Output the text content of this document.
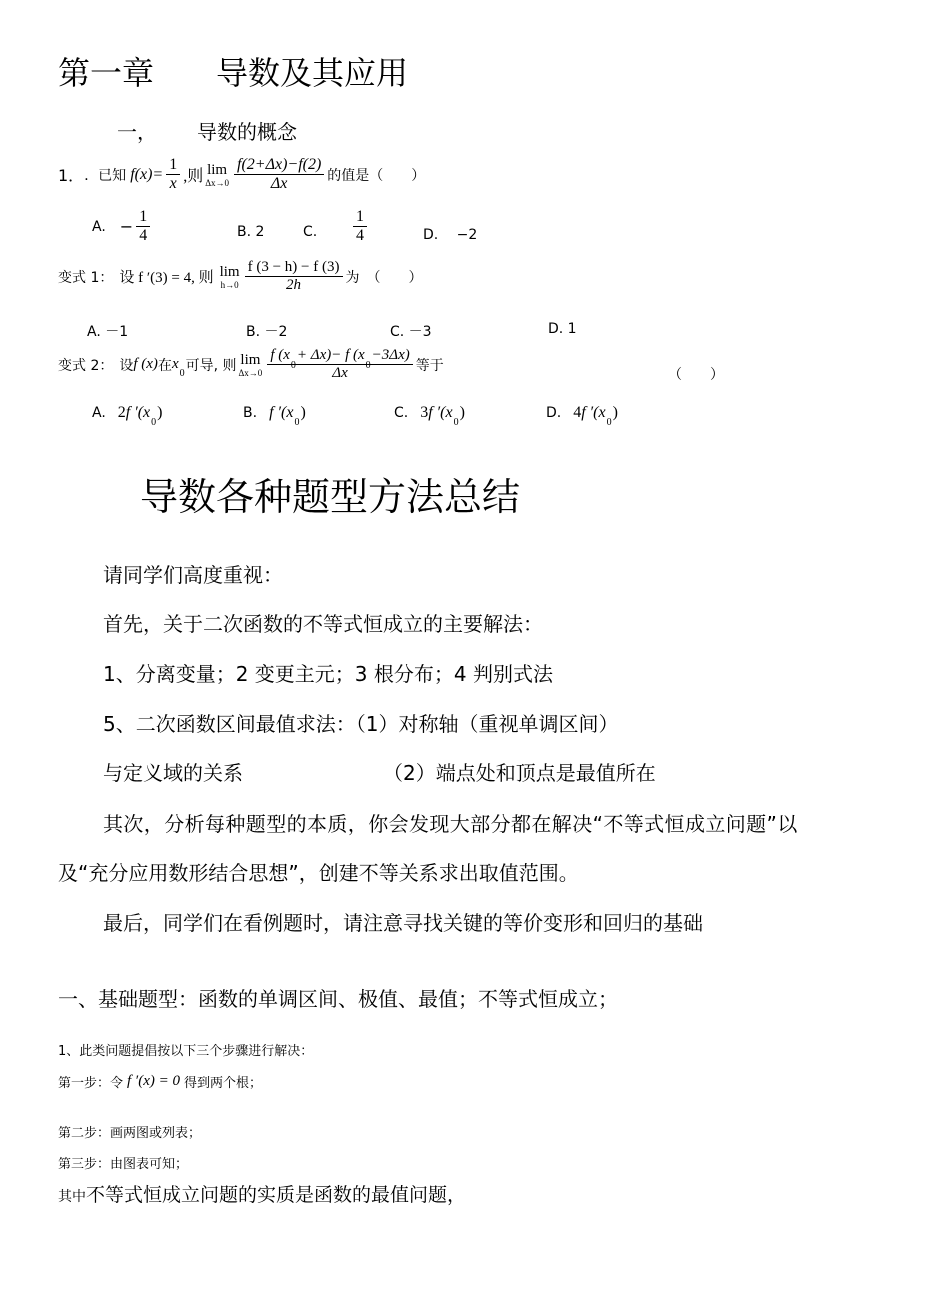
第一章 导数及其应用
一， 导数的概念
1． ．已知 $f(x)= \frac{1}{x}$ ,则 lim
$\Delta x\to 0 \frac{f(2+\Delta x)-f(2)}{\Delta x}$ 的值是（　　）
A. − $\frac{1}{4}$	B. 2	C. $\frac{1}{4}$	D.　 −2
变式 1： 设 f ′(3) = 4, 则 lim
$h\to 0 \frac{f (3 - h) - f (3)}{2h}$ 为　（　　）
A. －1	B. －2	C. －3	D. 1
变式 2： 设 f (x) 在 x
0 可导, 则 lim
$\Delta x\to 0 \frac{f (x_0+ \Delta x)- f (x_0-3\Delta x)}{\Delta x}$ 等于
（　　）
A. 2 f ′(x
0
)	B. f ′(x
0
)	C. 3 f ′(x
0
)	D. 4 f ′(x
0
)
导数各种题型方法总结
请同学们高度重视：
首先，关于二次函数的不等式恒成立的主要解法：
1、分离变量；2 变更主元；3 根分布；4 判别式法
5、二次函数区间最值求法：（1）对称轴（重视单调区间）
与定义域的关系	（2）端点处和顶点是最值所在
其次，分析每种题型的本质，你会发现大部分都在解决“不等式恒成立问题”以
及“充分应用数形结合思想”，创建不等关系求出取值范围。
最后，同学们在看例题时，请注意寻找关键的等价变形和回归的基础
一、基础题型：函数的单调区间、极值、最值；不等式恒成立；
1、此类问题提倡按以下三个步骤进行解决：
第一步：令 f ′(x) = 0 得到两个根；
第二步：画两图或列表；
第三步：由图表可知；
其中不等式恒成立问题的实质是函数的最值问题，
